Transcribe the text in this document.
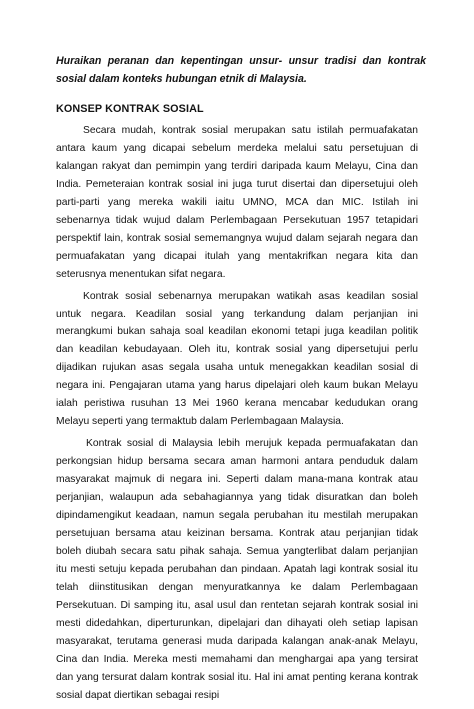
Huraikan peranan dan kepentingan unsur- unsur tradisi dan kontrak sosial dalam konteks hubungan etnik di Malaysia.

KONSEP KONTRAK SOSIAL

Secara mudah, kontrak sosial merupakan satu istilah permuafakatan antara kaum yang dicapai sebelum merdeka melalui satu persetujuan di kalangan rakyat dan pemimpin yang terdiri daripada kaum Melayu, Cina dan India. Pemeteraian kontrak sosial ini juga turut disertai dan dipersetujui oleh parti-parti yang mereka wakili iaitu UMNO, MCA dan MIC. Istilah ini sebenarnya tidak wujud dalam Perlembagaan Persekutuan 1957 tetapidari perspektif lain, kontrak sosial sememangnya wujud dalam sejarah negara dan permuafakatan yang dicapai itulah yang mentakrifkan negara kita dan seterusnya menentukan sifat negara.

Kontrak sosial sebenarnya merupakan watikah asas keadilan sosial untuk negara. Keadilan sosial yang terkandung dalam perjanjian ini merangkumi bukan sahaja soal keadilan ekonomi tetapi juga keadilan politik dan keadilan kebudayaan. Oleh itu, kontrak sosial yang dipersetujui perlu dijadikan rujukan asas segala usaha untuk menegakkan keadilan sosial di negara ini. Pengajaran utama yang harus dipelajari oleh kaum bukan Melayu ialah peristiwa rusuhan 13 Mei 1960 kerana mencabar kedudukan orang Melayu seperti yang termaktub dalam Perlembagaan Malaysia.

Kontrak sosial di Malaysia lebih merujuk kepada permuafakatan dan perkongsian hidup bersama secara aman harmoni antara penduduk dalam masyarakat majmuk di negara ini. Seperti dalam mana-mana kontrak atau perjanjian, walaupun ada sebahagiannya yang tidak disuratkan dan boleh dipindamengikut keadaan, namun segala perubahan itu mestilah merupakan persetujuan bersama atau keizinan bersama. Kontrak atau perjanjian tidak boleh diubah secara satu pihak sahaja. Semua yangterlibat dalam perjanjian itu mesti setuju kepada perubahan dan pindaan. Apatah lagi kontrak sosial itu telah diinstitusikan dengan menyuratkannya ke dalam Perlembagaan Persekutuan. Di samping itu, asal usul dan rentetan sejarah kontrak sosial ini mesti didedahkan, diperturunkan, dipelajari dan dihayati oleh setiap lapisan masyarakat, terutama generasi muda daripada kalangan anak-anak Melayu, Cina dan India. Mereka mesti memahami dan menghargai apa yang tersirat dan yang tersurat dalam kontrak sosial itu. Hal ini amat penting kerana kontrak sosial dapat diertikan sebagai resipi
